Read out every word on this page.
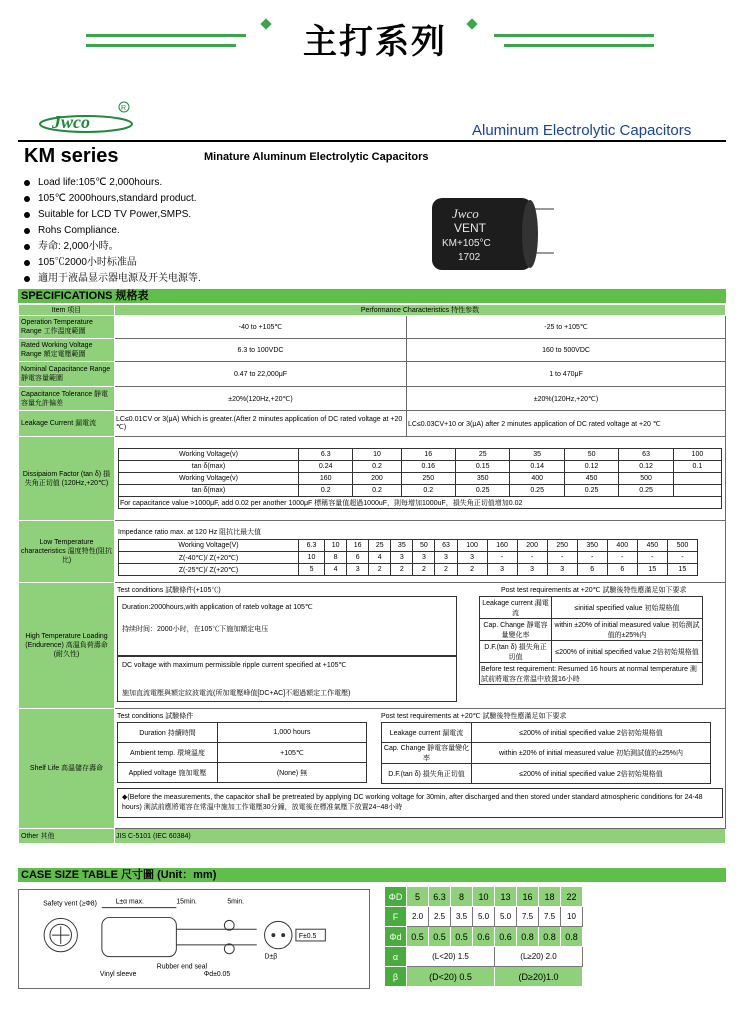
主打系列
Jwco
R
Aluminum Electrolytic Capacitors
KM series	Minature Aluminum Electrolytic Capacitors
Load life:105℃ 2,000hours.
105℃ 2000hours,standard product.
Suitable for LCD TV Power,SMPS.
Rohs Compliance.
寿命: 2,000小時。
105℃2000小时标准品
適用于液晶显示器电源及开关电源等.
Jwco
VENT
KM+105°C
1702
SPECIFICATIONS 规格表
Item 项目	Performance Characteristics 特性参数
Operation Temperature Range 工作温度範圍	-40 to +105℃	-25 to +105℃
Rated Working Voltage Range 額定電壓範圍	6.3 to 100VDC	160 to 500VDC
Nominal Capacitance Range 靜電容量範圍	0.47 to 22,000μF	1 to 470μF
Capacitance Tolerance 靜電容量允許偏差	±20%(120Hz,+20℃)	±20%(120Hz,+20℃)
Leakage Current 漏電流	LC≤0.01CV or 3(μA) Which is greater.(After 2 minutes application of DC rated voltage at +20 ℃)	LC≤0.03CV+10 or 3(μA) after 2 minutes application of DC rated voltage at +20 ℃
Dissipaiom Factor (tan δ) 損失角正切值 (120Hz,+20℃)	
Working Voltage(v)	6.3	10	16	25	35	50	63	100
tan δ(max)	0.24	0.2	0.16	0.15	0.14	0.12	0.12	0.1
Working Voltage(v)	160	200	250	350	400	450	500	
tan δ(max)	0.2	0.2	0.2	0.25	0.25	0.25	0.25	
For capacitance value >1000μF, add 0.02 per another 1000μF 標稱容量值超過1000uF，則每增加1000uF，損失角正切值增加0.02

Low Temperature characteristics 溫度特性(阻抗比)	
Impedance ratio max. at 120 Hz 阻抗比最大值
Working Voltage(V)	6.3	10	16	25	35	50	63	100	160	200	250	350	400	450	500
Z(-40℃)/ Z(+20℃)	10	8	6	4	3	3	3	3	-	-	-	-	-	-	-
Z(-25℃)/ Z(+20℃)	5	4	3	2	2	2	2	2	3	3	3	6	6	15	15

High Temperature Loading (Endurence) 高溫負荷壽命(耐久性)	
Test conditions 試驗條件(+105℃)	Post test requirements at +20℃ 試驗後特性應滿足如下要求
Duration:2000hours,with application of rateb voltage at 105℃
持续时间：2000小时，在105℃下施加額定电压
DC voltage with maximum permissible ripple current specified at +105℃
施加直流電壓與額定紋波電流(所加電壓峰值[DC+AC]不超過額定工作電壓)
Leakage current 漏電流	≤initial specified value 初始規格值
Cap. Change 靜電容量變化率	within ±20% of initial measured value 初始测試值的±25%内
D.F.(tan δ) 損失角正切值	≤200% of initial specified value 2倍初始規格值
Before test requirement: Resumed 16 hours at normal temperature 測試前將電容在常温中放置16小時

Shelf Life 高溫儲存壽命	
Test conditions 試驗條件
Duration 持續時間	1,000 hours
Ambient temp. 環境溫度	+105℃
Applied voltage 施加電壓	(None) 無
Post test requirements at +20℃ 試驗後特性應滿足如下要求
Leakage current 漏電流	≤200% of initial specified value 2倍初始規格值
Cap. Change 靜電容量變化率	within ±20% of initial measured value 初始測試值的±25%内
D.F.(tan δ) 損失角正切值	≤200% of initial specified value 2倍初始規格值
◆(Before the measurements, the capacitor shall be pretreated by applying DC working voltage for 30min, after discharged and then stored under standard atmospheric conditions for 24-48 hours) 測試前應將電容在常溫中施加工作電壓30分鐘，放電後在標准氣壓下放置24~48小時

Other 其他	JIS C-5101 (IEC 60384)
CASE SIZE TABLE 尺寸圖 (Unit：mm)
Safety vent (≥Φ8)	L±α max.	15min.	5min.
F±0.5
D±β
Vinyl sleeve
Rubber end seal
Φd±0.05
ΦD	5	6.3	8	10	13	16	18	22
F	2.0	2.5	3.5	5.0	5.0	7.5	7.5	10
Φd	0.5	0.5	0.5	0.6	0.6	0.8	0.8	0.8
α	(L<20) 1.5				(L≥20) 2.0			
β	(D<20) 0.5				(D≥20)1.0			
